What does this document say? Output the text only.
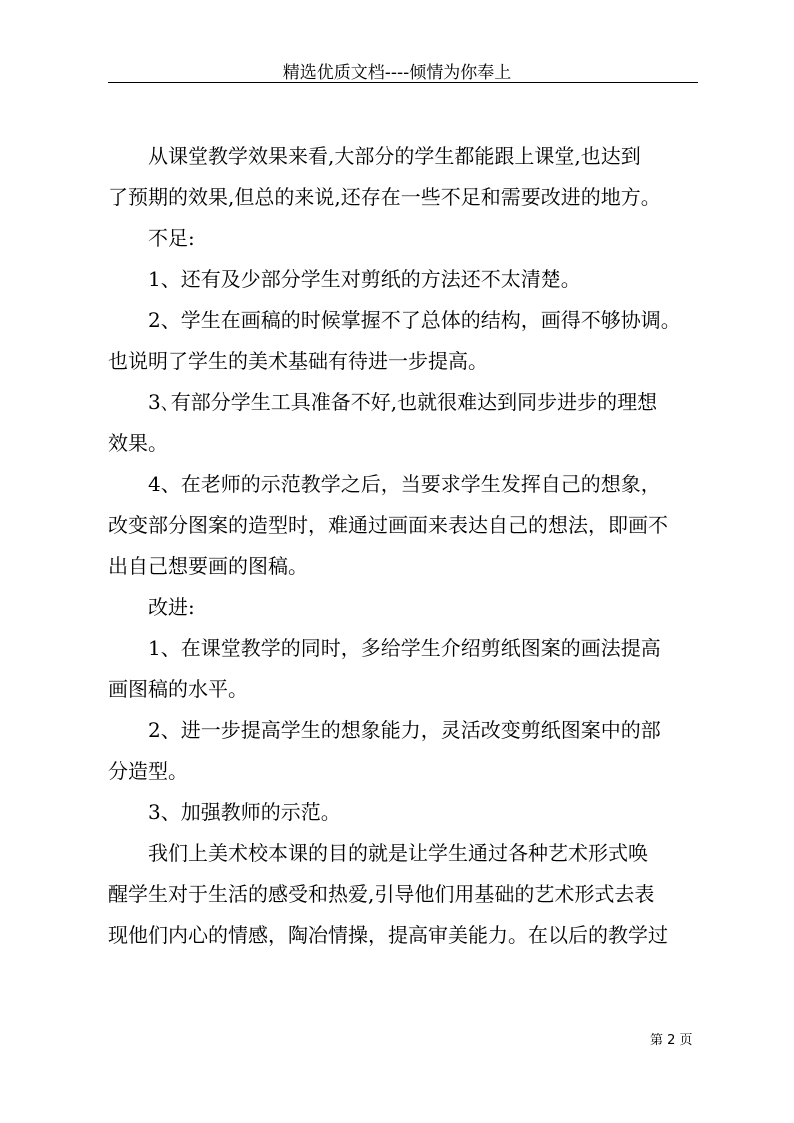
精选优质文档----倾情为你奉上
从课堂教学效果来看,大部分的学生都能跟上课堂,也达到
了预期的效果,但总的来说,还存在一些不足和需要改进的地方。
不足:
1、还有及少部分学生对剪纸的方法还不太清楚。
2、学生在画稿的时候掌握不了总体的结构，画得不够协调。
也说明了学生的美术基础有待进一步提高。
3､有部分学生工具准备不好,也就很难达到同步进步的理想
效果。
4、在老师的示范教学之后，当要求学生发挥自己的想象，
改变部分图案的造型时，难通过画面来表达自己的想法，即画不
出自己想要画的图稿。
改进:
1、在课堂教学的同时，多给学生介绍剪纸图案的画法提高
画图稿的水平。
2、进一步提高学生的想象能力，灵活改变剪纸图案中的部
分造型。
3、加强教师的示范。
我们上美术校本课的目的就是让学生通过各种艺术形式唤
醒学生对于生活的感受和热爱,引导他们用基础的艺术形式去表
现他们内心的情感，陶冶情操，提高审美能力。在以后的教学过
第 2 页
